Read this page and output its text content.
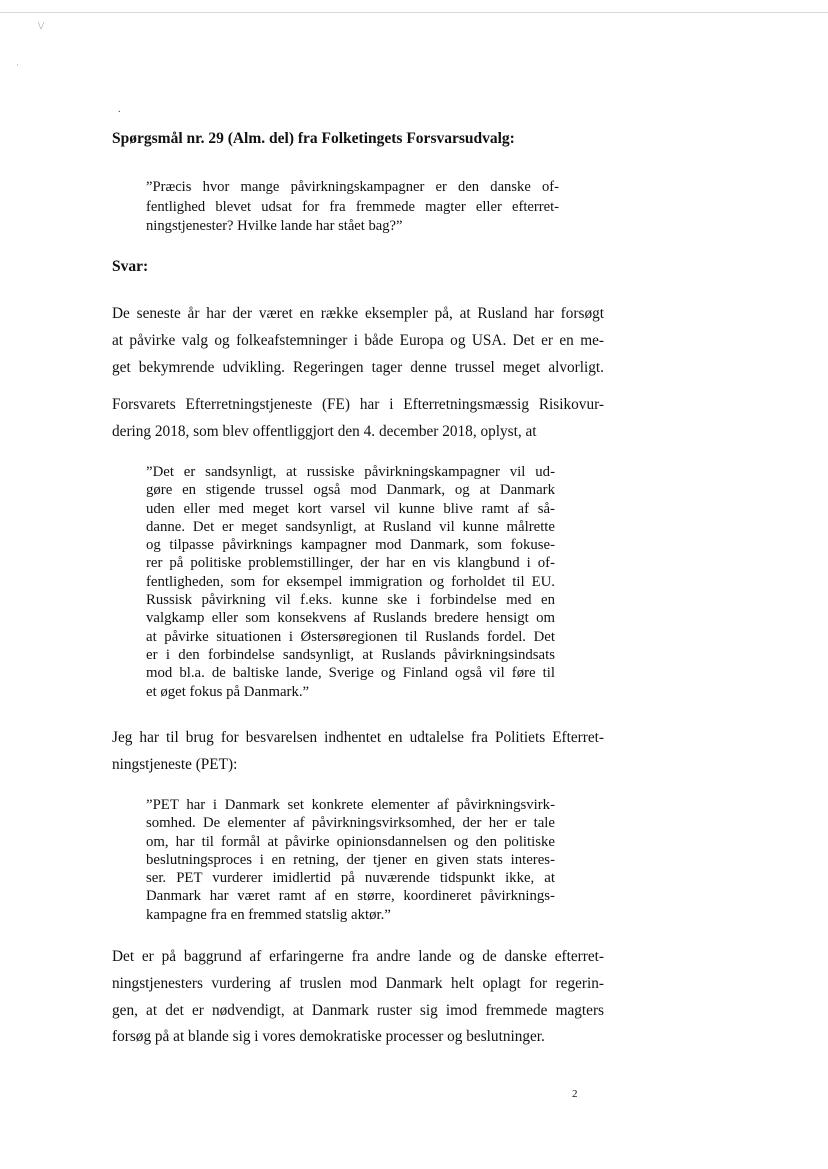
\/
·
.

Spørgsmål nr. 29 (Alm. del) fra Folketingets Forsvarsudvalg:

”Præcis hvor mange påvirkningskampagner er den danske of-
fentlighed blevet udsat for fra fremmede magter eller efterret-
ningstjenester? Hvilke lande har stået bag?”

Svar:

De seneste år har der været en række eksempler på, at Rusland har forsøgt
at påvirke valg og folkeafstemninger i både Europa og USA. Det er en me-
get bekymrende udvikling. Regeringen tager denne trussel meget alvorligt.

Forsvarets Efterretningstjeneste (FE) har i Efterretningsmæssig Risikovur-
dering 2018, som blev offentliggjort den 4. december 2018, oplyst, at

”Det er sandsynligt, at russiske påvirkningskampagner vil ud-
gøre en stigende trussel også mod Danmark, og at Danmark
uden eller med meget kort varsel vil kunne blive ramt af så-
danne. Det er meget sandsynligt, at Rusland vil kunne målrette
og tilpasse påvirknings kampagner mod Danmark, som fokuse-
rer på politiske problemstillinger, der har en vis klangbund i of-
fentligheden, som for eksempel immigration og forholdet til EU.
Russisk påvirkning vil f.eks. kunne ske i forbindelse med en
valgkamp eller som konsekvens af Ruslands bredere hensigt om
at påvirke situationen i Østersøregionen til Ruslands fordel. Det
er i den forbindelse sandsynligt, at Ruslands påvirkningsindsats
mod bl.a. de baltiske lande, Sverige og Finland også vil føre til
et øget fokus på Danmark.”

Jeg har til brug for besvarelsen indhentet en udtalelse fra Politiets Efterret-
ningstjeneste (PET):

”PET har i Danmark set konkrete elementer af påvirkningsvirk-
somhed. De elementer af påvirkningsvirksomhed, der her er tale
om, har til formål at påvirke opinionsdannelsen og den politiske
beslutningsproces i en retning, der tjener en given stats interes-
ser. PET vurderer imidlertid på nuværende tidspunkt ikke, at
Danmark har været ramt af en større, koordineret påvirknings-
kampagne fra en fremmed statslig aktør.”

Det er på baggrund af erfaringerne fra andre lande og de danske efterret-
ningstjenesters vurdering af truslen mod Danmark helt oplagt for regerin-
gen, at det er nødvendigt, at Danmark ruster sig imod fremmede magters
forsøg på at blande sig i vores demokratiske processer og beslutninger.

2
